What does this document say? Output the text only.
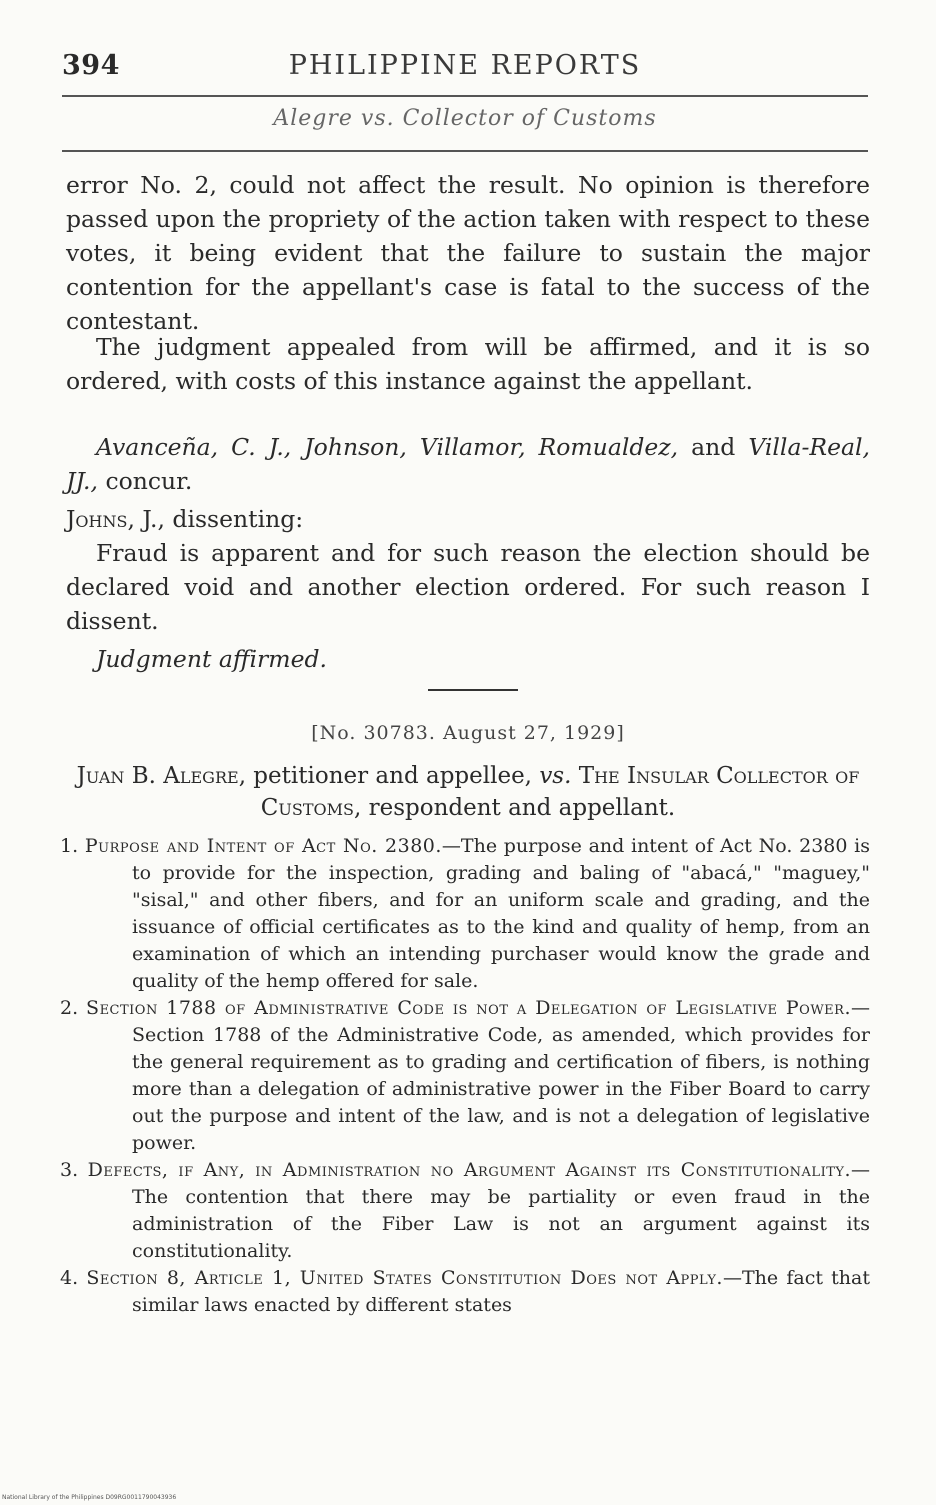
394	PHILIPPINE REPORTS
Alegre vs. Collector of Customs
error No. 2, could not affect the result. No opinion is therefore passed upon the propriety of the action taken with respect to these votes, it being evident that the failure to sustain the major contention for the appellant's case is fatal to the success of the contestant.
The judgment appealed from will be affirmed, and it is so ordered, with costs of this instance against the appellant.
Avanceña, C. J., Johnson, Villamor, Romualdez, and Villa-Real, JJ., concur.
Johns, J., dissenting:
Fraud is apparent and for such reason the election should be declared void and another election ordered. For such reason I dissent.
Judgment affirmed.
[No. 30783. August 27, 1929]
Juan B. Alegre, petitioner and appellee, vs. The Insular Collector of Customs, respondent and appellant.
1. Purpose and Intent of Act No. 2380.—The purpose and intent of Act No. 2380 is to provide for the inspection, grading and baling of "abacá," "maguey," "sisal," and other fibers, and for an uniform scale and grading, and the issuance of official certificates as to the kind and quality of hemp, from an examination of which an intending purchaser would know the grade and quality of the hemp offered for sale.
2. Section 1788 of Administrative Code is not a Delegation of Legislative Power.—Section 1788 of the Administrative Code, as amended, which provides for the general requirement as to grading and certification of fibers, is nothing more than a delegation of administrative power in the Fiber Board to carry out the purpose and intent of the law, and is not a delegation of legislative power.
3. Defects, if Any, in Administration no Argument Against its Constitutionality.—The contention that there may be partiality or even fraud in the administration of the Fiber Law is not an argument against its constitutionality.
4. Section 8, Article 1, United States Constitution Does not Apply.—The fact that similar laws enacted by different states
National Library of the Philippines D09RG0011790043936
